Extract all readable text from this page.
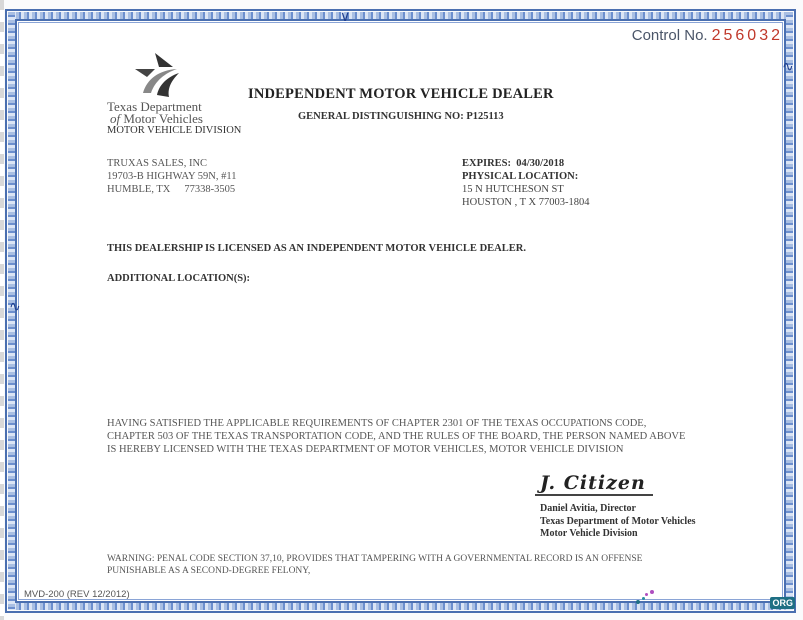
∨
∿
∿
Control No. 256032
Texas Department
of Motor Vehicles
MOTOR VEHICLE DIVISION
INDEPENDENT MOTOR VEHICLE DEALER
GENERAL DISTINGUISHING NO: P125113
TRUXAS SALES, INC
19703-B HIGHWAY 59N, #11
HUMBLE, TX 77338-3505
EXPIRES: 04/30/2018
PHYSICAL LOCATION:
15 N HUTCHESON ST
HOUSTON , T X 77003-1804
THIS DEALERSHIP IS LICENSED AS AN INDEPENDENT MOTOR VEHICLE DEALER.
ADDITIONAL LOCATION(S):
HAVING SATISFIED THE APPLICABLE REQUIREMENTS OF CHAPTER 2301 OF THE TEXAS OCCUPATIONS CODE,
CHAPTER 503 OF THE TEXAS TRANSPORTATION CODE, AND THE RULES OF THE BOARD, THE PERSON NAMED ABOVE
IS HEREBY LICENSED WITH THE TEXAS DEPARTMENT OF MOTOR VEHICLES, MOTOR VEHICLE DIVISION
J. Citizen
Daniel Avitia, Director
Texas Department of Motor Vehicles
Motor Vehicle Division
WARNING: PENAL CODE SECTION 37,10, PROVIDES THAT TAMPERING WITH A GOVERNMENTAL RECORD IS AN OFFENSE
PUNISHABLE AS A SECOND-DEGREE FELONY,
MVD-200 (REV 12/2012)
ORG
